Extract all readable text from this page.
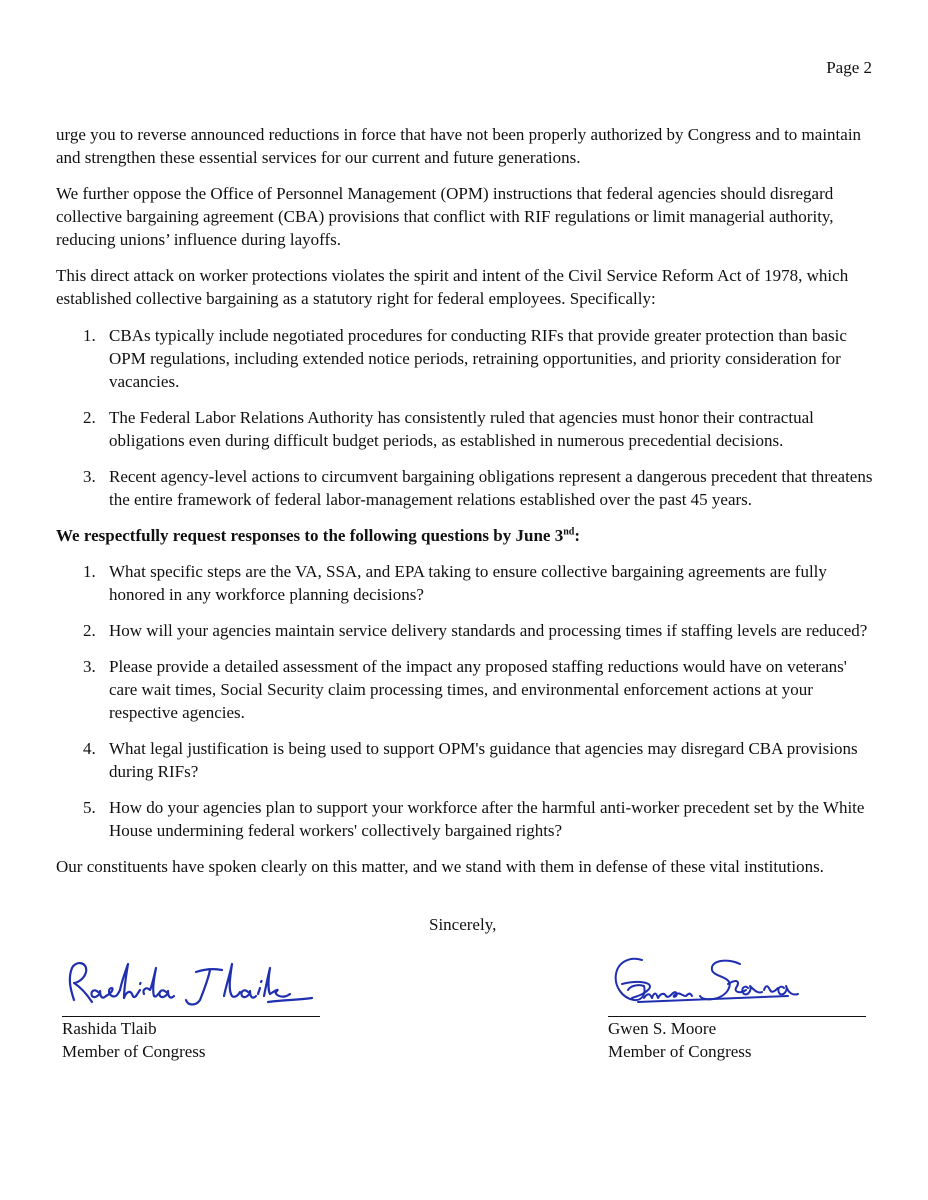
Page 2

urge you to reverse announced reductions in force that have not been properly authorized by Congress and to maintain and strengthen these essential services for our current and future generations.

We further oppose the Office of Personnel Management (OPM) instructions that federal agencies should disregard collective bargaining agreement (CBA) provisions that conflict with RIF regulations or limit managerial authority, reducing unions’ influence during layoffs.

This direct attack on worker protections violates the spirit and intent of the Civil Service Reform Act of 1978, which established collective bargaining as a statutory right for federal employees. Specifically:

1. CBAs typically include negotiated procedures for conducting RIFs that provide greater protection than basic OPM regulations, including extended notice periods, retraining opportunities, and priority consideration for vacancies.
2. The Federal Labor Relations Authority has consistently ruled that agencies must honor their contractual obligations even during difficult budget periods, as established in numerous precedential decisions.
3. Recent agency-level actions to circumvent bargaining obligations represent a dangerous precedent that threatens the entire framework of federal labor-management relations established over the past 45 years.

We respectfully request responses to the following questions by June 3nd:

1. What specific steps are the VA, SSA, and EPA taking to ensure collective bargaining agreements are fully honored in any workforce planning decisions?
2. How will your agencies maintain service delivery standards and processing times if staffing levels are reduced?
3. Please provide a detailed assessment of the impact any proposed staffing reductions would have on veterans' care wait times, Social Security claim processing times, and environmental enforcement actions at your respective agencies.
4. What legal justification is being used to support OPM's guidance that agencies may disregard CBA provisions during RIFs?
5. How do your agencies plan to support your workforce after the harmful anti-worker precedent set by the White House undermining federal workers' collectively bargained rights?

Our constituents have spoken clearly on this matter, and we stand with them in defense of these vital institutions.

Sincerely,
Rashida Tlaib
Member of Congress
Gwen S. Moore
Member of Congress
